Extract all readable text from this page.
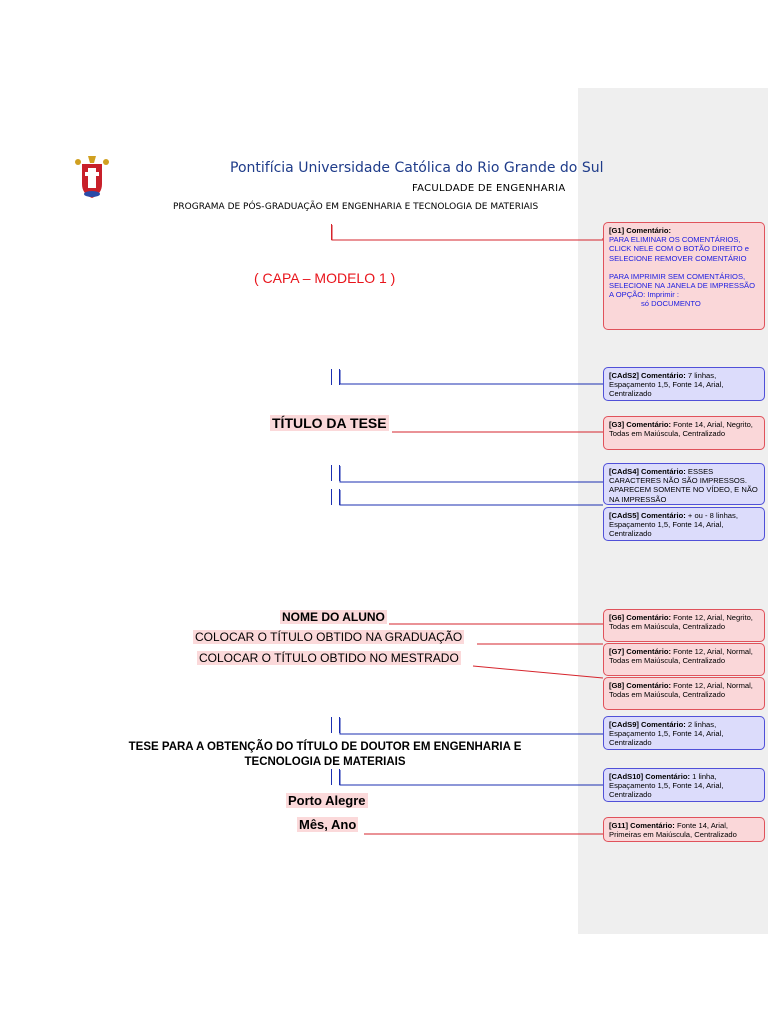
Pontifícia Universidade Católica do Rio Grande do Sul
FACULDADE DE ENGENHARIA
PROGRAMA DE PÓS-GRADUAÇÃO EM ENGENHARIA E TECNOLOGIA DE MATERIAIS
( CAPA – MODELO 1 )
TÍTULO DA TESE
NOME DO ALUNO
COLOCAR O TÍTULO OBTIDO NA GRADUAÇÃO
COLOCAR O TÍTULO OBTIDO NO MESTRADO
TESE PARA A OBTENÇÃO DO TÍTULO DE DOUTOR EM ENGENHARIA E
TECNOLOGIA DE MATERIAIS
Porto Alegre
Mês, Ano
[G1] Comentário:
PARA ELIMINAR OS COMENTÁRIOS, CLICK NELE COM O BOTÃO DIREITO e SELECIONE REMOVER COMENTÁRIO
PARA IMPRIMIR SEM COMENTÁRIOS, SELECIONE NA JANELA DE IMPRESSÃO A OPÇÃO: Imprimir :
só DOCUMENTO
[CAdS2] Comentário: 7 linhas, Espaçamento 1,5, Fonte 14, Arial, Centralizado
[G3] Comentário: Fonte 14, Arial, Negrito, Todas em Maiúscula, Centralizado
[CAdS4] Comentário: ESSES CARACTERES NÃO SÃO IMPRESSOS. APARECEM SOMENTE NO VÍDEO, E NÃO NA IMPRESSÃO
[CAdS5] Comentário: + ou - 8 linhas, Espaçamento 1,5, Fonte 14, Arial, Centralizado
[G6] Comentário: Fonte 12, Arial, Negrito, Todas em Maiúscula, Centralizado
[G7] Comentário: Fonte 12, Arial, Normal, Todas em Maiúscula, Centralizado
[G8] Comentário: Fonte 12, Arial, Normal, Todas em Maiúscula, Centralizado
[CAdS9] Comentário: 2 linhas, Espaçamento 1,5, Fonte 14, Arial, Centralizado
[CAdS10] Comentário: 1 linha, Espaçamento 1,5, Fonte 14, Arial, Centralizado
[G11] Comentário: Fonte 14, Arial, Primeiras em Maiúscula, Centralizado
